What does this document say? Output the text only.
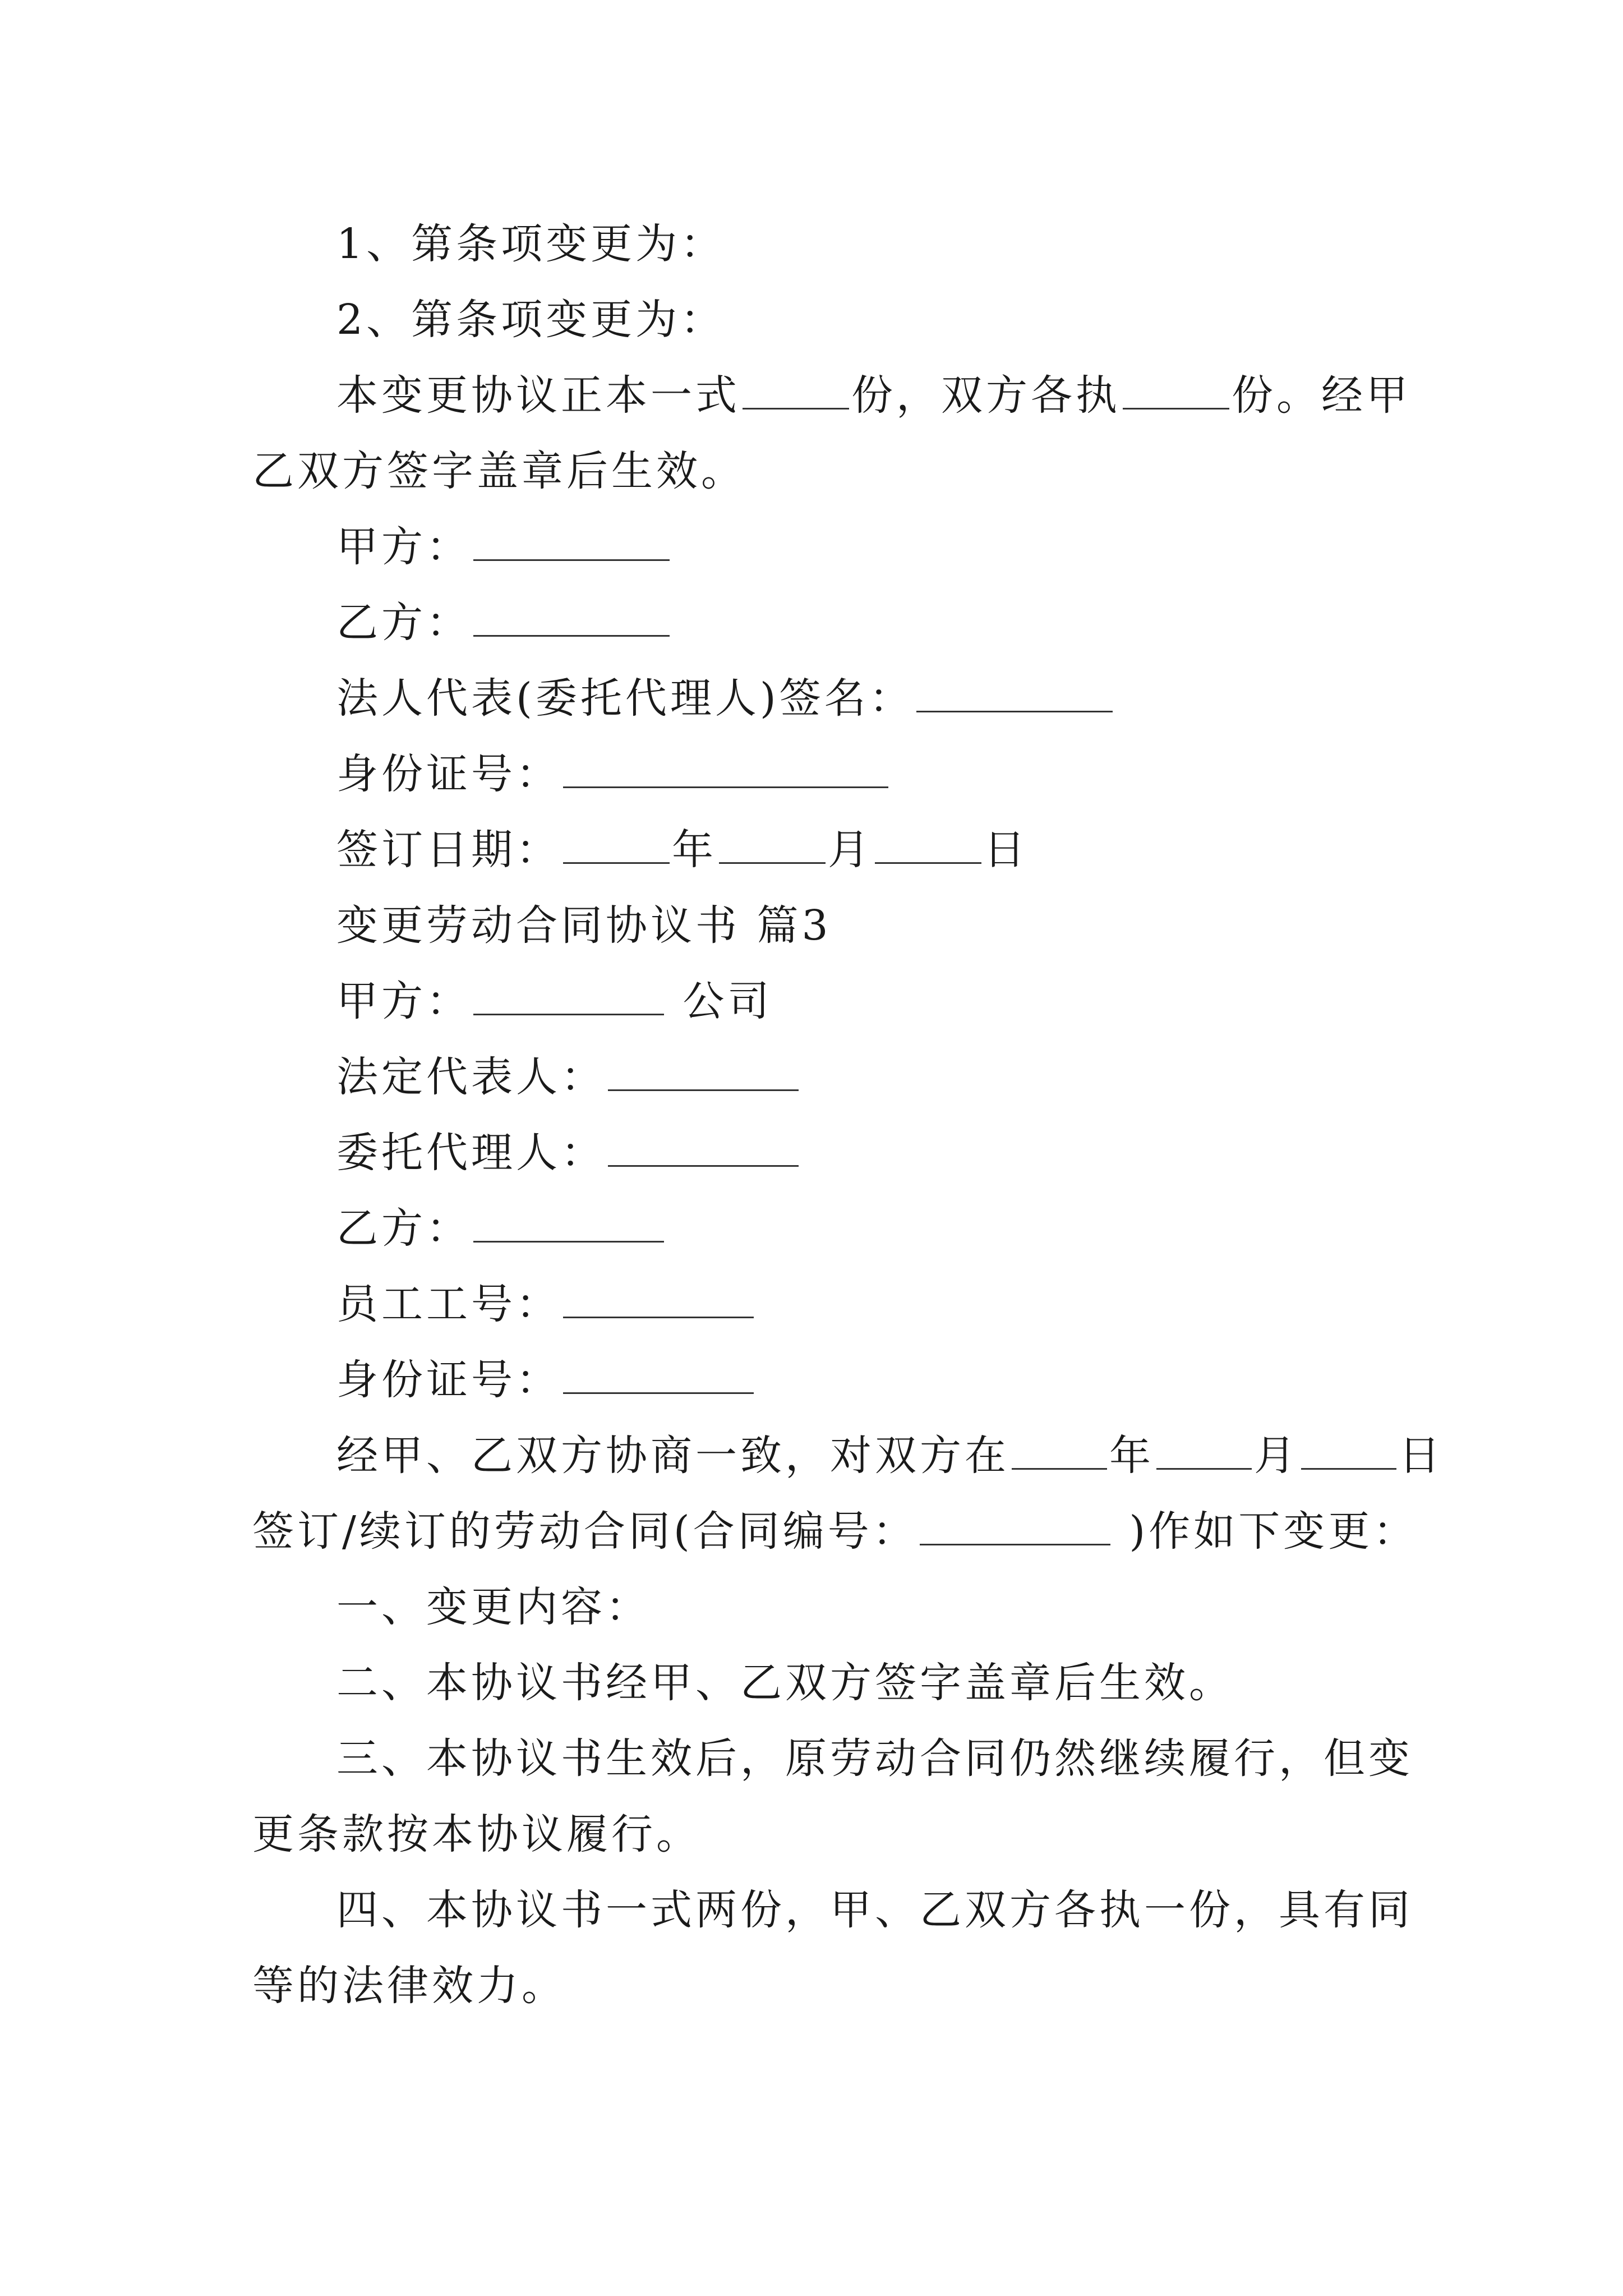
1、第条项变更为：
2、第条项变更为：
本变更协议正本一式	份，双方各执	份。经甲
乙双方签字盖章后生效。
甲方：
乙方：
法人代表(委托代理人)签名：
身份证号：
签订日期：	年	月	日
变更劳动合同协议书 篇3
甲方：	公司
法定代表人：
委托代理人：
乙方：
员工工号：
身份证号：
经甲、乙双方协商一致，对双方在 年 月 日
签订/续订的劳动合同(合同编号：	)作如下变更：
一、变更内容：
二、本协议书经甲、乙双方签字盖章后生效。
三、本协议书生效后，原劳动合同仍然继续履行，但变
更条款按本协议履行。
四、本协议书一式两份，甲、乙双方各执一份，具有同
等的法律效力。
